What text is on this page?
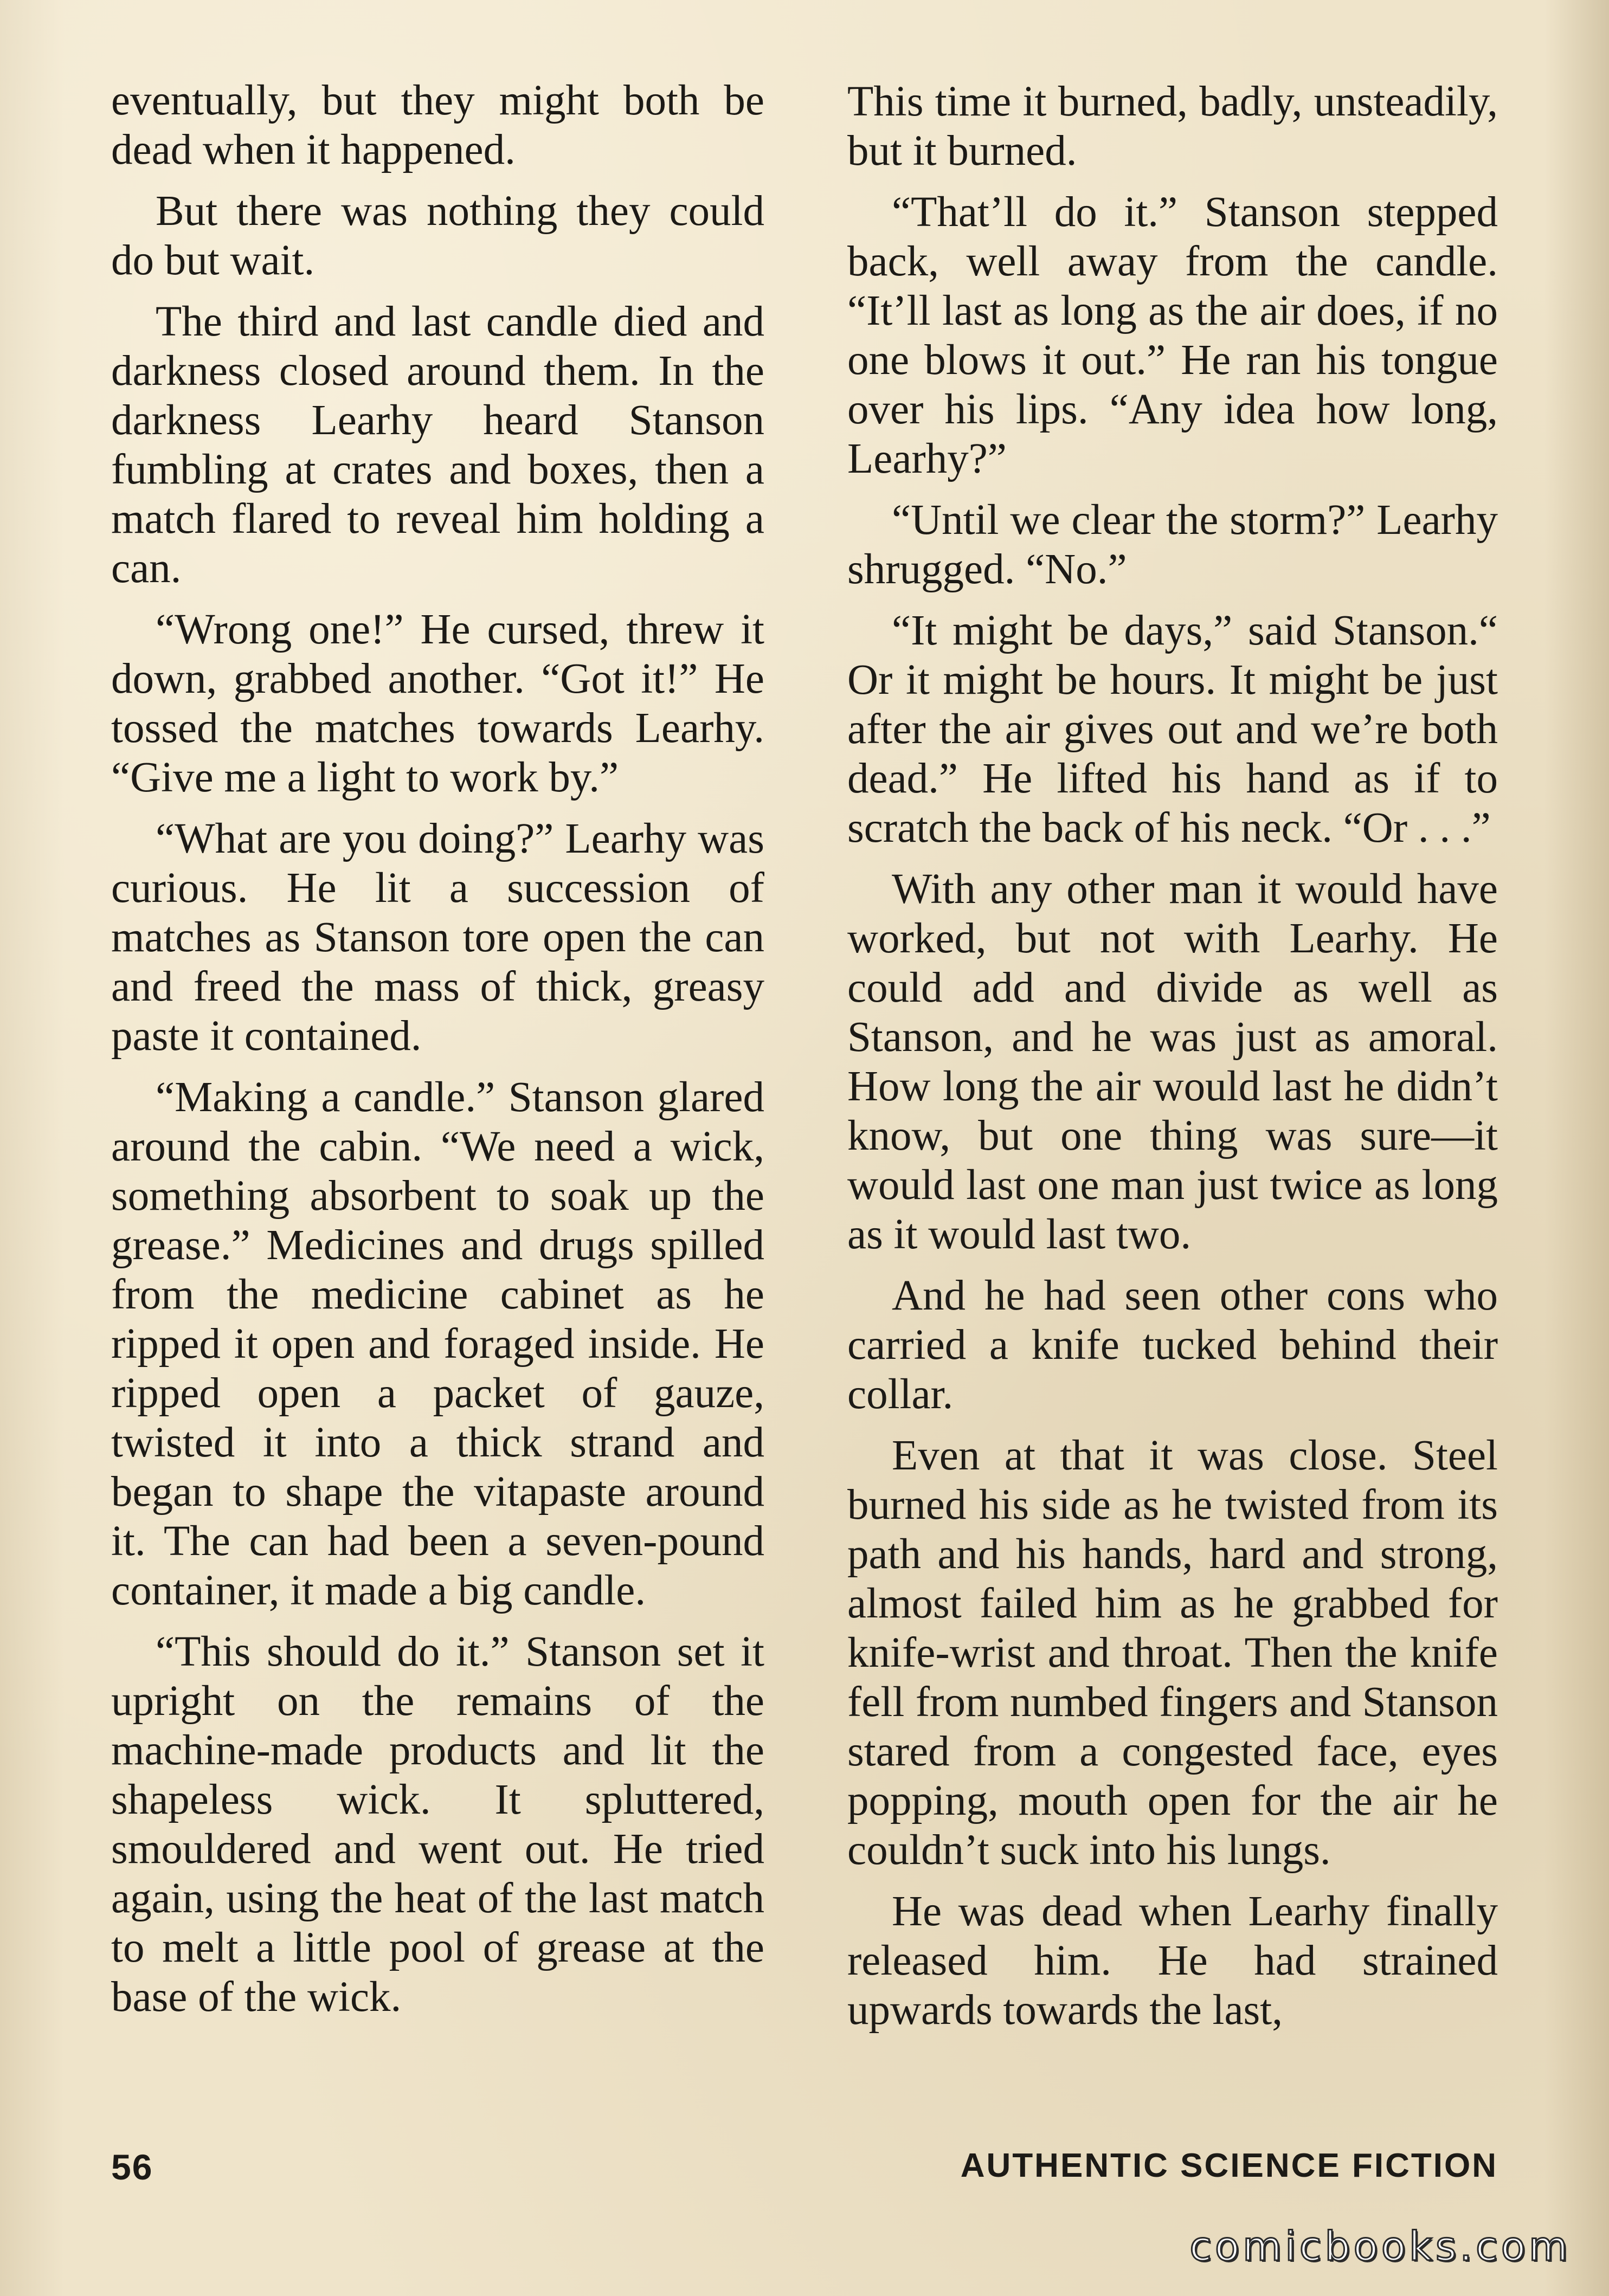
eventually, but they might both be dead when it happened.

But there was nothing they could do but wait.

The third and last candle died and darkness closed around them. In the darkness Learhy heard Stanson fumbling at crates and boxes, then a match flared to reveal him holding a can.

“Wrong one!” He cursed, threw it down, grabbed another. “Got it!” He tossed the matches towards Learhy. “Give me a light to work by.”

“What are you doing?” Learhy was curious. He lit a succession of matches as Stanson tore open the can and freed the mass of thick, greasy paste it contained.

“Making a candle.” Stanson glared around the cabin. “We need a wick, something absorbent to soak up the grease.” Medicines and drugs spilled from the medicine cabinet as he ripped it open and foraged inside. He ripped open a packet of gauze, twisted it into a thick strand and began to shape the vitapaste around it. The can had been a seven-pound container, it made a big candle.

“This should do it.” Stanson set it upright on the remains of the machine-made products and lit the shapeless wick. It spluttered, smouldered and went out. He tried again, using the heat of the last match to melt a little pool of grease at the base of the wick.

This time it burned, badly, unsteadily, but it burned.

“That’ll do it.” Stanson stepped back, well away from the candle. “It’ll last as long as the air does, if no one blows it out.” He ran his tongue over his lips. “Any idea how long, Learhy?”

“Until we clear the storm?” Learhy shrugged. “No.”

“It might be days,” said Stanson.“ Or it might be hours. It might be just after the air gives out and we’re both dead.” He lifted his hand as if to scratch the back of his neck. “Or . . .”

With any other man it would have worked, but not with Learhy. He could add and divide as well as Stanson, and he was just as amoral. How long the air would last he didn’t know, but one thing was sure—it would last one man just twice as long as it would last two.

And he had seen other cons who carried a knife tucked behind their collar.

Even at that it was close. Steel burned his side as he twisted from its path and his hands, hard and strong, almost failed him as he grabbed for knife-wrist and throat. Then the knife fell from numbed fingers and Stanson stared from a congested face, eyes popping, mouth open for the air he couldn’t suck into his lungs.

He was dead when Learhy finally released him. He had strained upwards towards the last,

56	AUTHENTIC SCIENCE FICTION
comicbooks.com
